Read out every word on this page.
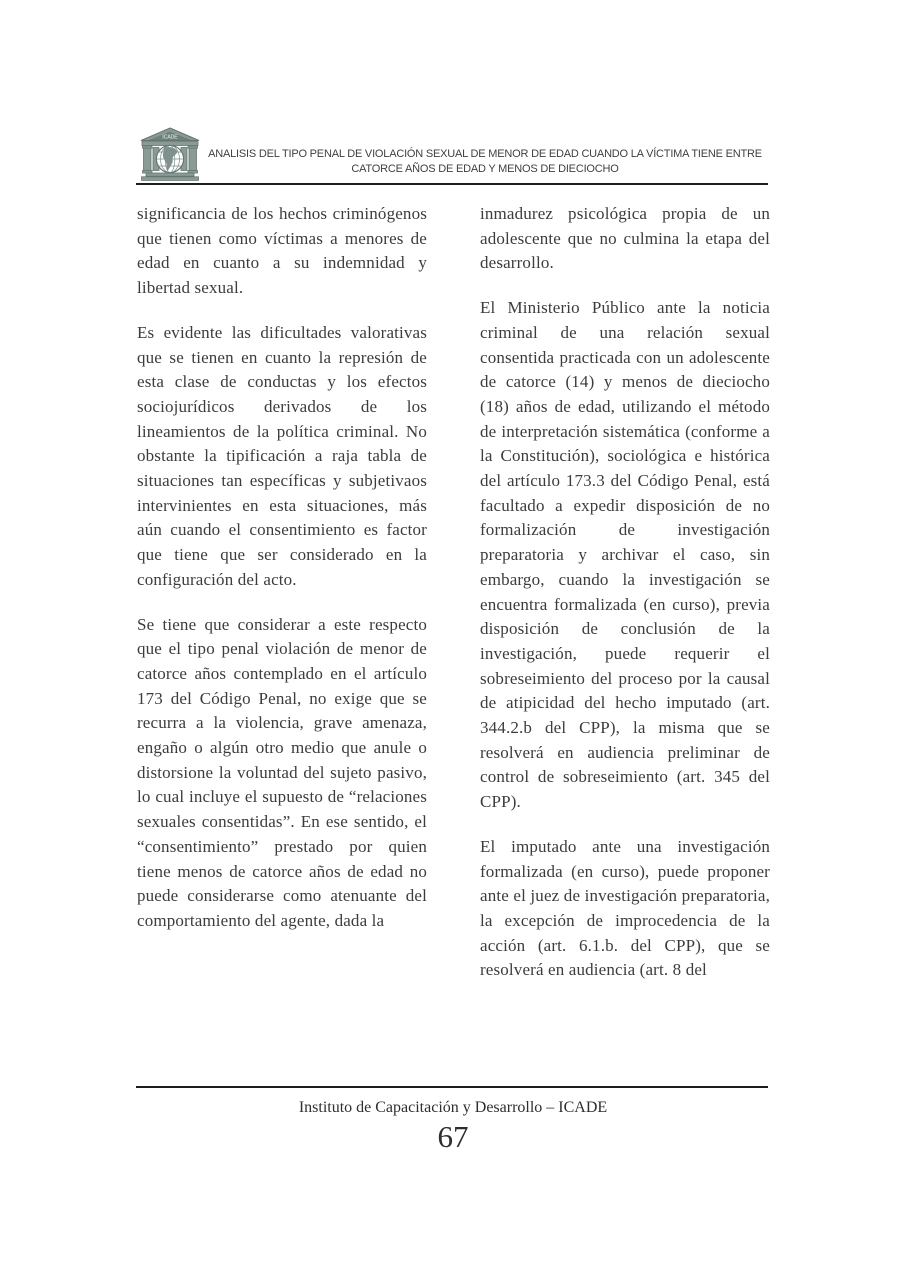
ICADE
ANALISIS DEL TIPO PENAL DE VIOLACIÓN SEXUAL DE MENOR DE EDAD CUANDO LA VÍCTIMA TIENE ENTRE CATORCE AÑOS DE EDAD Y MENOS DE DIECIOCHO

significancia de los hechos criminógenos que tienen como víctimas a menores de edad en cuanto a su indemnidad y libertad sexual.

Es evidente las dificultades valorativas que se tienen en cuanto la represión de esta clase de conductas y los efectos sociojurídicos derivados de los lineamientos de la política criminal. No obstante la tipificación a raja tabla de situaciones tan específicas y subjetivaos intervinientes en esta situaciones, más aún cuando el consentimiento es factor que tiene que ser considerado en la configuración del acto.

Se tiene que considerar a este respecto que el tipo penal violación de menor de catorce años contemplado en el artículo 173 del Código Penal, no exige que se recurra a la violencia, grave amenaza, engaño o algún otro medio que anule o distorsione la voluntad del sujeto pasivo, lo cual incluye el supuesto de “relaciones sexuales consentidas”. En ese sentido, el “consentimiento” prestado por quien tiene menos de catorce años de edad no puede considerarse como atenuante del comportamiento del agente, dada la

inmadurez psicológica propia de un adolescente que no culmina la etapa del desarrollo.

El Ministerio Público ante la noticia criminal de una relación sexual consentida practicada con un adolescente de catorce (14) y menos de dieciocho (18) años de edad, utilizando el método de interpretación sistemática (conforme a la Constitución), sociológica e histórica del artículo 173.3 del Código Penal, está facultado a expedir disposición de no formalización de investigación preparatoria y archivar el caso, sin embargo, cuando la investigación se encuentra formalizada (en curso), previa disposición de conclusión de la investigación, puede requerir el sobreseimiento del proceso por la causal de atipicidad del hecho imputado (art. 344.2.b del CPP), la misma que se resolverá en audiencia preliminar de control de sobreseimiento (art. 345 del CPP).

El imputado ante una investigación formalizada (en curso), puede proponer ante el juez de investigación preparatoria, la excepción de improcedencia de la acción (art. 6.1.b. del CPP), que se resolverá en audiencia (art. 8 del

Instituto de Capacitación y Desarrollo – ICADE
67
